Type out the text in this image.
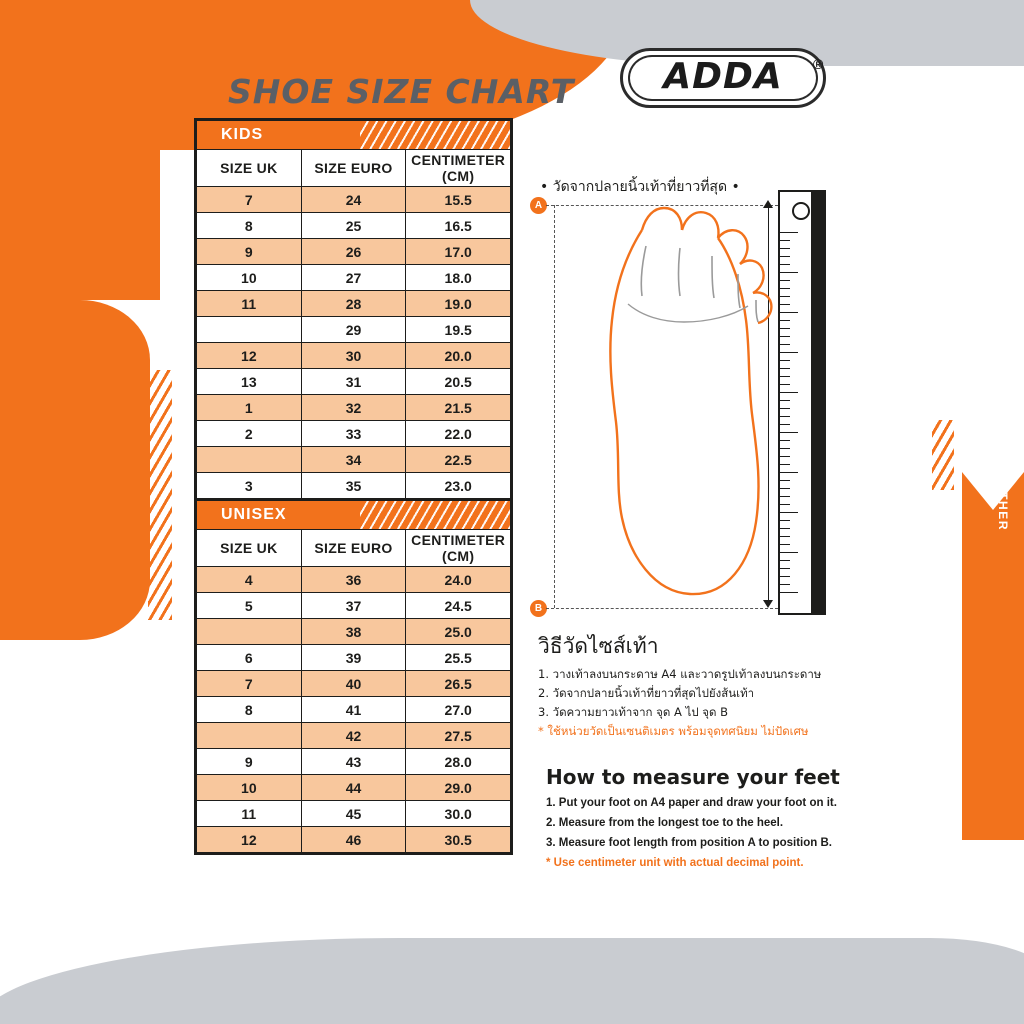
LET'S WALK TOGETHER
SHOE SIZE CHART	ADDA	®
KIDS		

SIZE UK	SIZE EURO	CENTIMETER
(CM)

7	24	15.5
8	25	16.5
9	26	17.0
10	27	18.0
11	28	19.0
	29	19.5
12	30	20.0
13	31	20.5
1	32	21.5
2	33	22.0
	34	22.5
3	35	23.0
UNISEX		

SIZE UK	SIZE EURO	CENTIMETER
(CM)

4	36	24.0
5	37	24.5
	38	25.0
6	39	25.5
7	40	26.5
8	41	27.0
	42	27.5
9	43	28.0
10	44	29.0
11	45	30.0
12	46	30.5
• วัดจากปลายนิ้วเท้าที่ยาวที่สุด •
A
B
วิธีวัดไซส์เท้า
1. วางเท้าลงบนกระดาษ A4 และวาดรูปเท้าลงบนกระดาษ
2. วัดจากปลายนิ้วเท้าที่ยาวที่สุดไปยังส้นเท้า
3. วัดความยาวเท้าจาก จุด A ไป จุด B
* ใช้หน่วยวัดเป็นเซนติเมตร พร้อมจุดทศนิยม ไม่ปัดเศษ
How to measure your feet
1. Put your foot on A4 paper and draw your foot on it.
2. Measure from the longest toe to the heel.
3. Measure foot length from position A to position B.
* Use centimeter unit with actual decimal point.
